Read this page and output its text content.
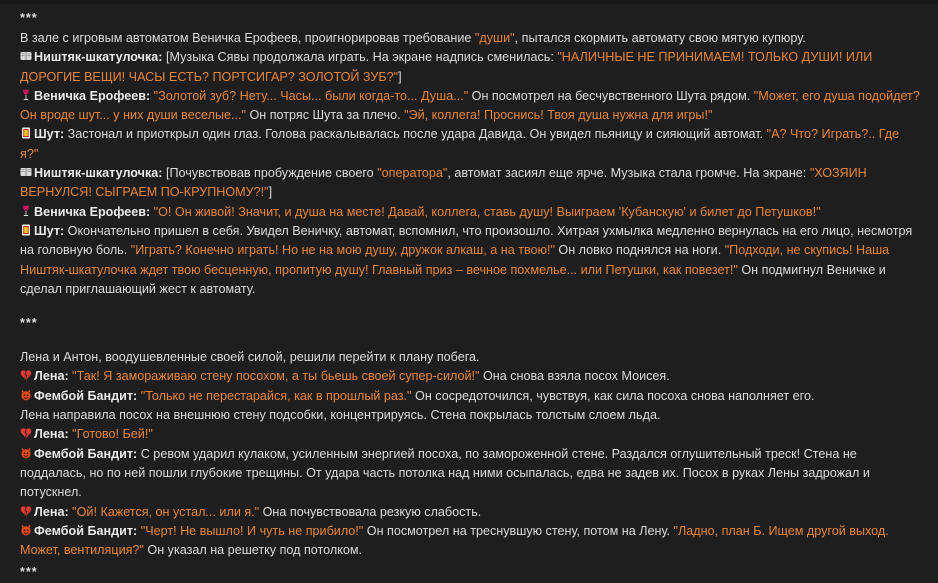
***

В зале с игровым автоматом Веничка Ерофеев, проигнорировав требование "души", пытался скормить автомату свою мятую купюру.

Ништяк-шкатулочка: [Музыка Сявы продолжала играть. На экране надпись сменилась: "НАЛИЧНЫЕ НЕ ПРИНИМАЕМ! ТОЛЬКО ДУШИ! ИЛИ ДОРОГИЕ ВЕЩИ! ЧАСЫ ЕСТЬ? ПОРТСИГАР? ЗОЛОТОЙ ЗУБ?"]

Веничка Ерофеев: "Золотой зуб? Нету... Часы... были когда-то... Душа..." Он посмотрел на бесчувственного Шута рядом. "Может, его душа подойдет? Он вроде шут... у них души веселые..." Он потряс Шута за плечо. "Эй, коллега! Проснись! Твоя душа нужна для игры!"

Шут: Застонал и приоткрыл один глаз. Голова раскалывалась после удара Давида. Он увидел пьяницу и сияющий автомат. "А? Что? Играть?.. Где я?"

Ништяк-шкатулочка: [Почувствовав пробуждение своего "оператора", автомат засиял еще ярче. Музыка стала громче. На экране: "ХОЗЯИН ВЕРНУЛСЯ! СЫГРАЕМ ПО-КРУПНОМУ?!"]

Веничка Ерофеев: "О! Он живой! Значит, и душа на месте! Давай, коллега, ставь душу! Выиграем 'Кубанскую' и билет до Петушков!"

Шут: Окончательно пришел в себя. Увидел Веничку, автомат, вспомнил, что произошло. Хитрая ухмылка медленно вернулась на его лицо, несмотря на головную боль. "Играть? Конечно играть! Но не на мою душу, дружок алкаш, а на твою!" Он ловко поднялся на ноги. "Подходи, не скупись! Наша Ништяк-шкатулочка ждет твою бесценную, пропитую душу! Главный приз – вечное похмелье... или Петушки, как повезет!" Он подмигнул Веничке и сделал приглашающий жест к автомату.

***

Лена и Антон, воодушевленные своей силой, решили перейти к плану побега.

Лена: "Так! Я замораживаю стену посохом, а ты бьешь своей супер-силой!" Она снова взяла посох Моисея.

Фембой Бандит: "Только не перестарайся, как в прошлый раз." Он сосредоточился, чувствуя, как сила посоха снова наполняет его.

Лена направила посох на внешнюю стену подсобки, концентрируясь. Стена покрылась толстым слоем льда.

Лена: "Готово! Бей!"

Фембой Бандит: С ревом ударил кулаком, усиленным энергией посоха, по замороженной стене. Раздался оглушительный треск! Стена не поддалась, но по ней пошли глубокие трещины. От удара часть потолка над ними осыпалась, едва не задев их. Посох в руках Лены задрожал и потускнел.

Лена: "Ой! Кажется, он устал... или я." Она почувствовала резкую слабость.

Фембой Бандит: "Черт! Не вышло! И чуть не прибило!" Он посмотрел на треснувшую стену, потом на Лену. "Ладно, план Б. Ищем другой выход. Может, вентиляция?" Он указал на решетку под потолком.

***
